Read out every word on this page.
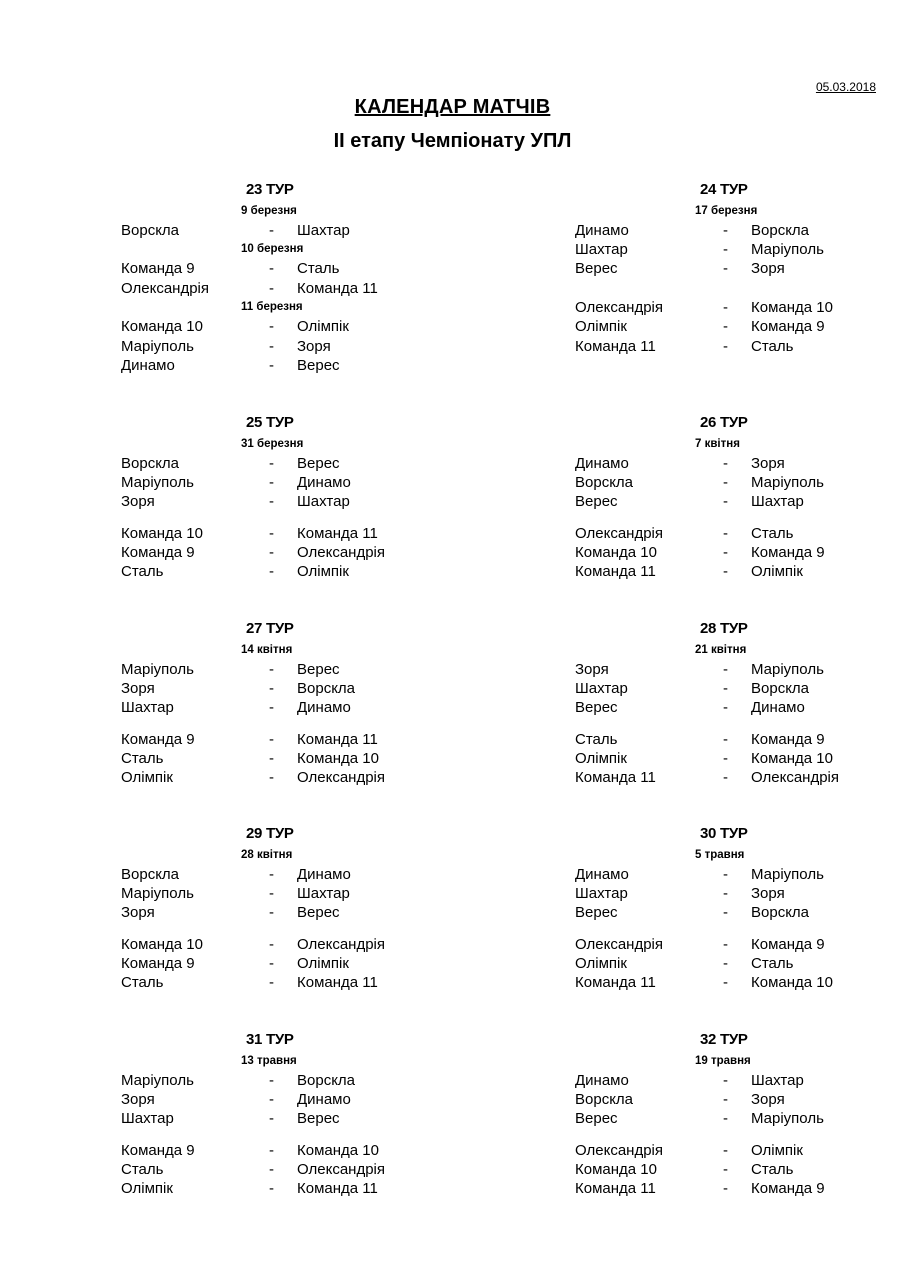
05.03.2018
КАЛЕНДАР МАТЧІВ
ІІ етапу Чемпіонату УПЛ
23 ТУР
9 березня
Ворскла	- Шахтар
10 березня
Команда 9	- Сталь
Олександрія	- Команда 11
11 березня
Команда 10	- Олімпік
Маріуполь	- Зоря
Динамо	- Верес
24 ТУР
17 березня
Динамо	- Ворскла
Шахтар	- Маріуполь
Верес	- Зоря
Олександрія	- Команда 10
Олімпік	- Команда 9
Команда 11	- Сталь
25 ТУР
31 березня
Ворскла	- Верес
Маріуполь	- Динамо
Зоря	- Шахтар
Команда 10	- Команда 11
Команда 9	- Олександрія
Сталь	- Олімпік
26 ТУР
7 квітня
Динамо	- Зоря
Ворскла	- Маріуполь
Верес	- Шахтар
Олександрія	- Сталь
Команда 10	- Команда 9
Команда 11	- Олімпік
27 ТУР
14 квітня
Маріуполь	- Верес
Зоря	- Ворскла
Шахтар	- Динамо
Команда 9	- Команда 11
Сталь	- Команда 10
Олімпік	- Олександрія
28 ТУР
21 квітня
Зоря	- Маріуполь
Шахтар	- Ворскла
Верес	- Динамо
Сталь	- Команда 9
Олімпік	- Команда 10
Команда 11	- Олександрія
29 ТУР
28 квітня
Ворскла	- Динамо
Маріуполь	- Шахтар
Зоря	- Верес
Команда 10	- Олександрія
Команда 9	- Олімпік
Сталь	- Команда 11
30 ТУР
5 травня
Динамо	- Маріуполь
Шахтар	- Зоря
Верес	- Ворскла
Олександрія	- Команда 9
Олімпік	- Сталь
Команда 11	- Команда 10
31 ТУР
13 травня
Маріуполь	- Ворскла
Зоря	- Динамо
Шахтар	- Верес
Команда 9	- Команда 10
Сталь	- Олександрія
Олімпік	- Команда 11
32 ТУР
19 травня
Динамо	- Шахтар
Ворскла	- Зоря
Верес	- Маріуполь
Олександрія	- Олімпік
Команда 10	- Сталь
Команда 11	- Команда 9
